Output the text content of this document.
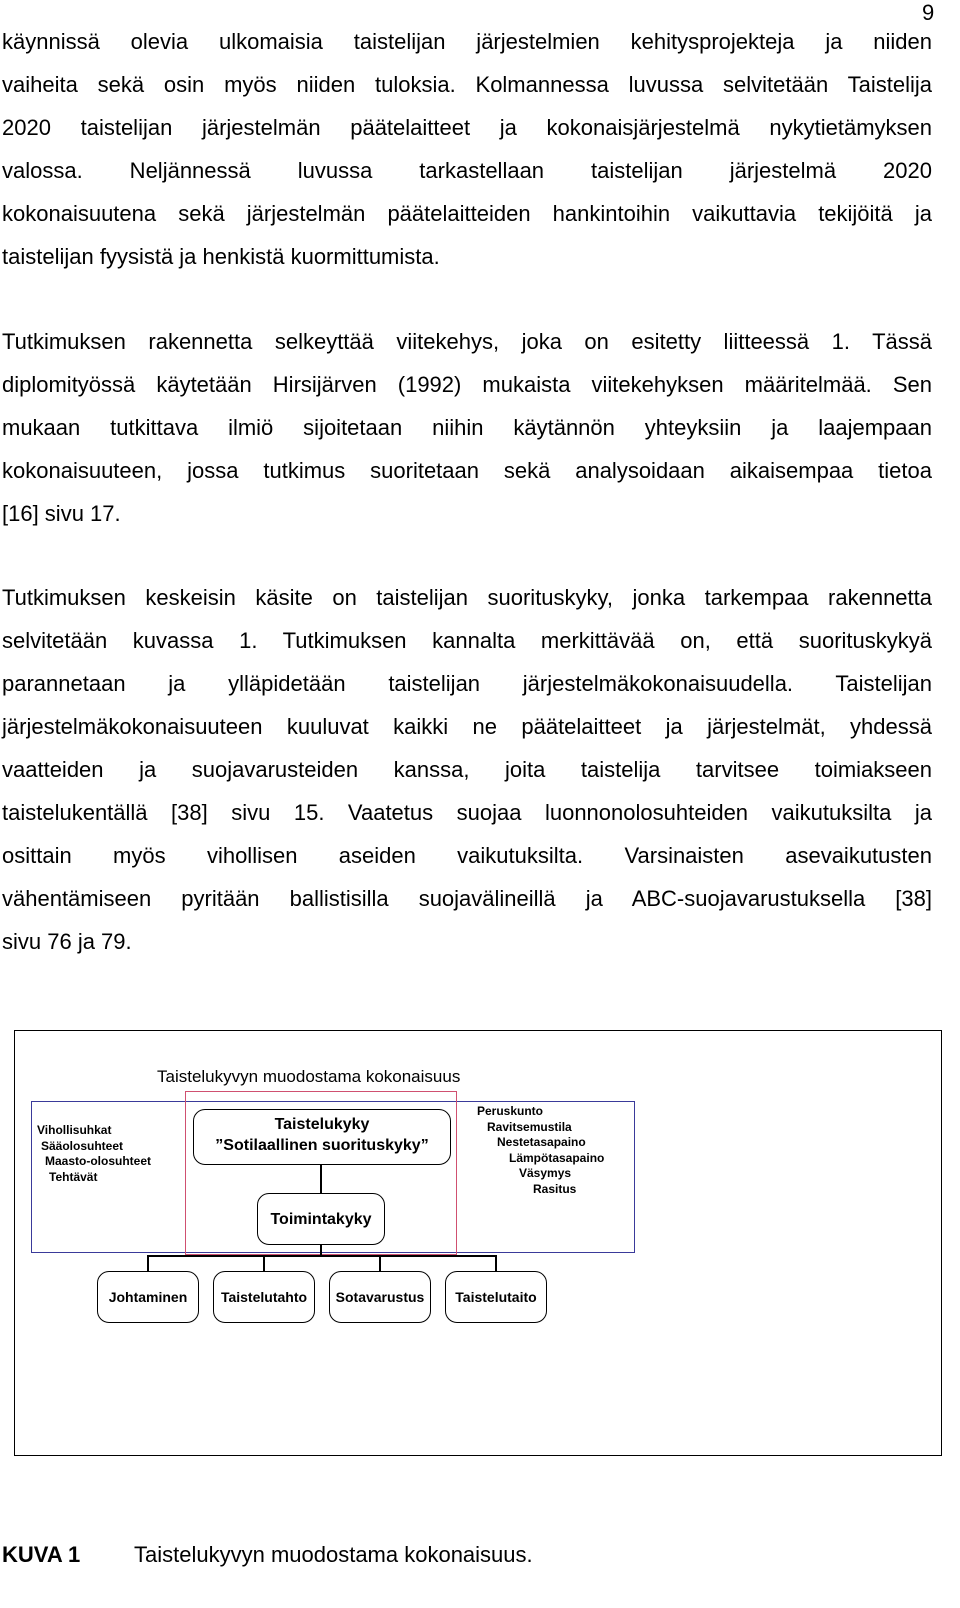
9
käynnissä olevia ulkomaisia taistelijan järjestelmien kehitysprojekteja ja niiden
vaiheita sekä osin myös niiden tuloksia. Kolmannessa luvussa selvitetään Taistelija
2020 taistelijan järjestelmän päätelaitteet ja kokonaisjärjestelmä nykytietämyksen
valossa. Neljännessä luvussa tarkastellaan taistelijan järjestelmä 2020
kokonaisuutena sekä järjestelmän päätelaitteiden hankintoihin vaikuttavia tekijöitä ja
taistelijan fyysistä ja henkistä kuormittumista.
Tutkimuksen rakennetta selkeyttää viitekehys, joka on esitetty liitteessä 1. Tässä
diplomityössä käytetään Hirsijärven (1992) mukaista viitekehyksen määritelmää. Sen
mukaan tutkittava ilmiö sijoitetaan niihin käytännön yhteyksiin ja laajempaan
kokonaisuuteen, jossa tutkimus suoritetaan sekä analysoidaan aikaisempaa tietoa
[16] sivu 17.
Tutkimuksen keskeisin käsite on taistelijan suorituskyky, jonka tarkempaa rakennetta
selvitetään kuvassa 1. Tutkimuksen kannalta merkittävää on, että suorituskykyä
parannetaan ja ylläpidetään taistelijan järjestelmäkokonaisuudella. Taistelijan
järjestelmäkokonaisuuteen kuuluvat kaikki ne päätelaitteet ja järjestelmät, yhdessä
vaatteiden ja suojavarusteiden kanssa, joita taistelija tarvitsee toimiakseen
taistelukentällä [38] sivu 15. Vaatetus suojaa luonnonolosuhteiden vaikutuksilta ja
osittain myös vihollisen aseiden vaikutuksilta. Varsinaisten asevaikutusten
vähentämiseen pyritään ballistisilla suojavälineillä ja ABC-suojavarustuksella [38]
sivu 76 ja 79.
Taistelukyvyn muodostama kokonaisuus
Vihollisuhkat
Sääolosuhteet
Maasto-olosuhteet
Tehtävät
Peruskunto
Ravitsemustila
Nestetasapaino
Lämpötasapaino
Väsymys
Rasitus
Taistelukyky
”Sotilaallinen suorituskyky”
Toimintakyky
Johtaminen	Taistelutahto	Sotavarustus	Taistelutaito
KUVA 1 Taistelukyvyn muodostama kokonaisuus.
